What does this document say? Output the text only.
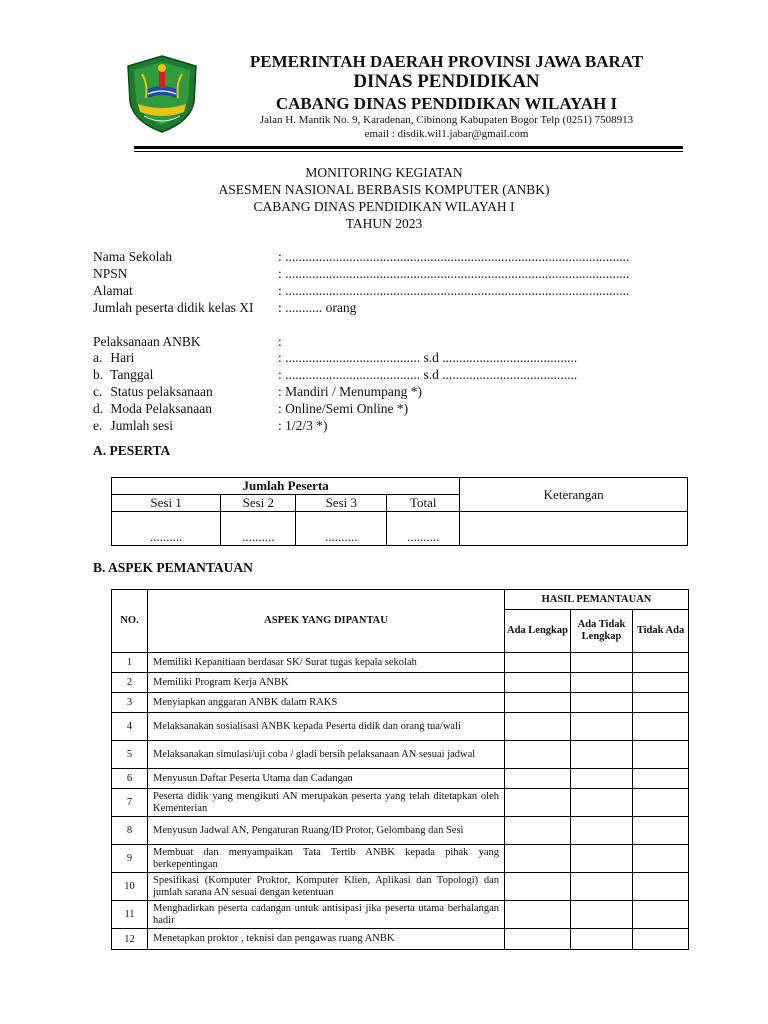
PEMERINTAH DAERAH PROVINSI JAWA BARAT
DINAS PENDIDIKAN
CABANG DINAS PENDIDIKAN WILAYAH I
Jalan H. Mantik No. 9, Karadenan, Cibinong Kabupaten Bogor Telp (0251) 7508913
email : disdik.wil1.jabar@gmail.com
MONITORING KEGIATAN
ASESMEN NASIONAL BERBASIS KOMPUTER (ANBK)
CABANG DINAS PENDIDIKAN WILAYAH I
TAHUN 2023
Nama Sekolah	: ......................................................................................................
NPSN	: ......................................................................................................
Alamat	: ......................................................................................................
Jumlah peserta didik kelas XI : ........... orang
Pelaksanaan ANBK	:
a. Hari	: ........................................ s.d ........................................
b. Tanggal	: ........................................ s.d ........................................
c. Status pelaksanaan	: Mandiri / Menumpang *)
d. Moda Pelaksanaan	: Online/Semi Online *)
e. Jumlah sesi	: 1/2/3 *)
A. PESERTA
Jumlah Peserta				Keterangan
Sesi 1	Sesi 2	Sesi 3	Total	
..........	..........	..........	..........	
B. ASPEK PEMANTAUAN
NO.	ASPEK YANG DIPANTAU	HASIL PEMANTAUAN		
		Ada Lengkap	Ada Tidak Lengkap	Tidak Ada
1	Memiliki Kepanitiaan berdasar SK/ Surat tugas kepala sekolah			
2	Memiliki Program Kerja ANBK			
3	Menyiapkan anggaran ANBK dalam RAKS			
4	Melaksanakan sosialisasi ANBK kepada Peserta didik dan orang tua/wali			
5	Melaksanakan simulasi/uji coba / gladi bersih pelaksanaan AN sesuai jadwal			
6	Menyusun Daftar Peserta Utama dan Cadangan			
7	Peserta didik yang mengikuti AN merupakan peserta yang telah ditetapkan oleh Kementerian			
8	Menyusun Jadwal AN, Pengaturan Ruang/ID Protor, Gelombang dan Sesi			
9	Membuat dan menyampaikan Tata Tertib ANBK kepada pihak yang berkepentingan			
10	Spesifikasi (Komputer Proktor, Komputer Klien, Aplikasi dan Topologi) dan jumlah sarana AN sesuai dengan ketentuan			
11	Menghadirkan peserta cadangan untuk antisipasi jika peserta utama berhalangan hadir			
12	Menetapkan proktor , teknisi dan pengawas ruang ANBK			
